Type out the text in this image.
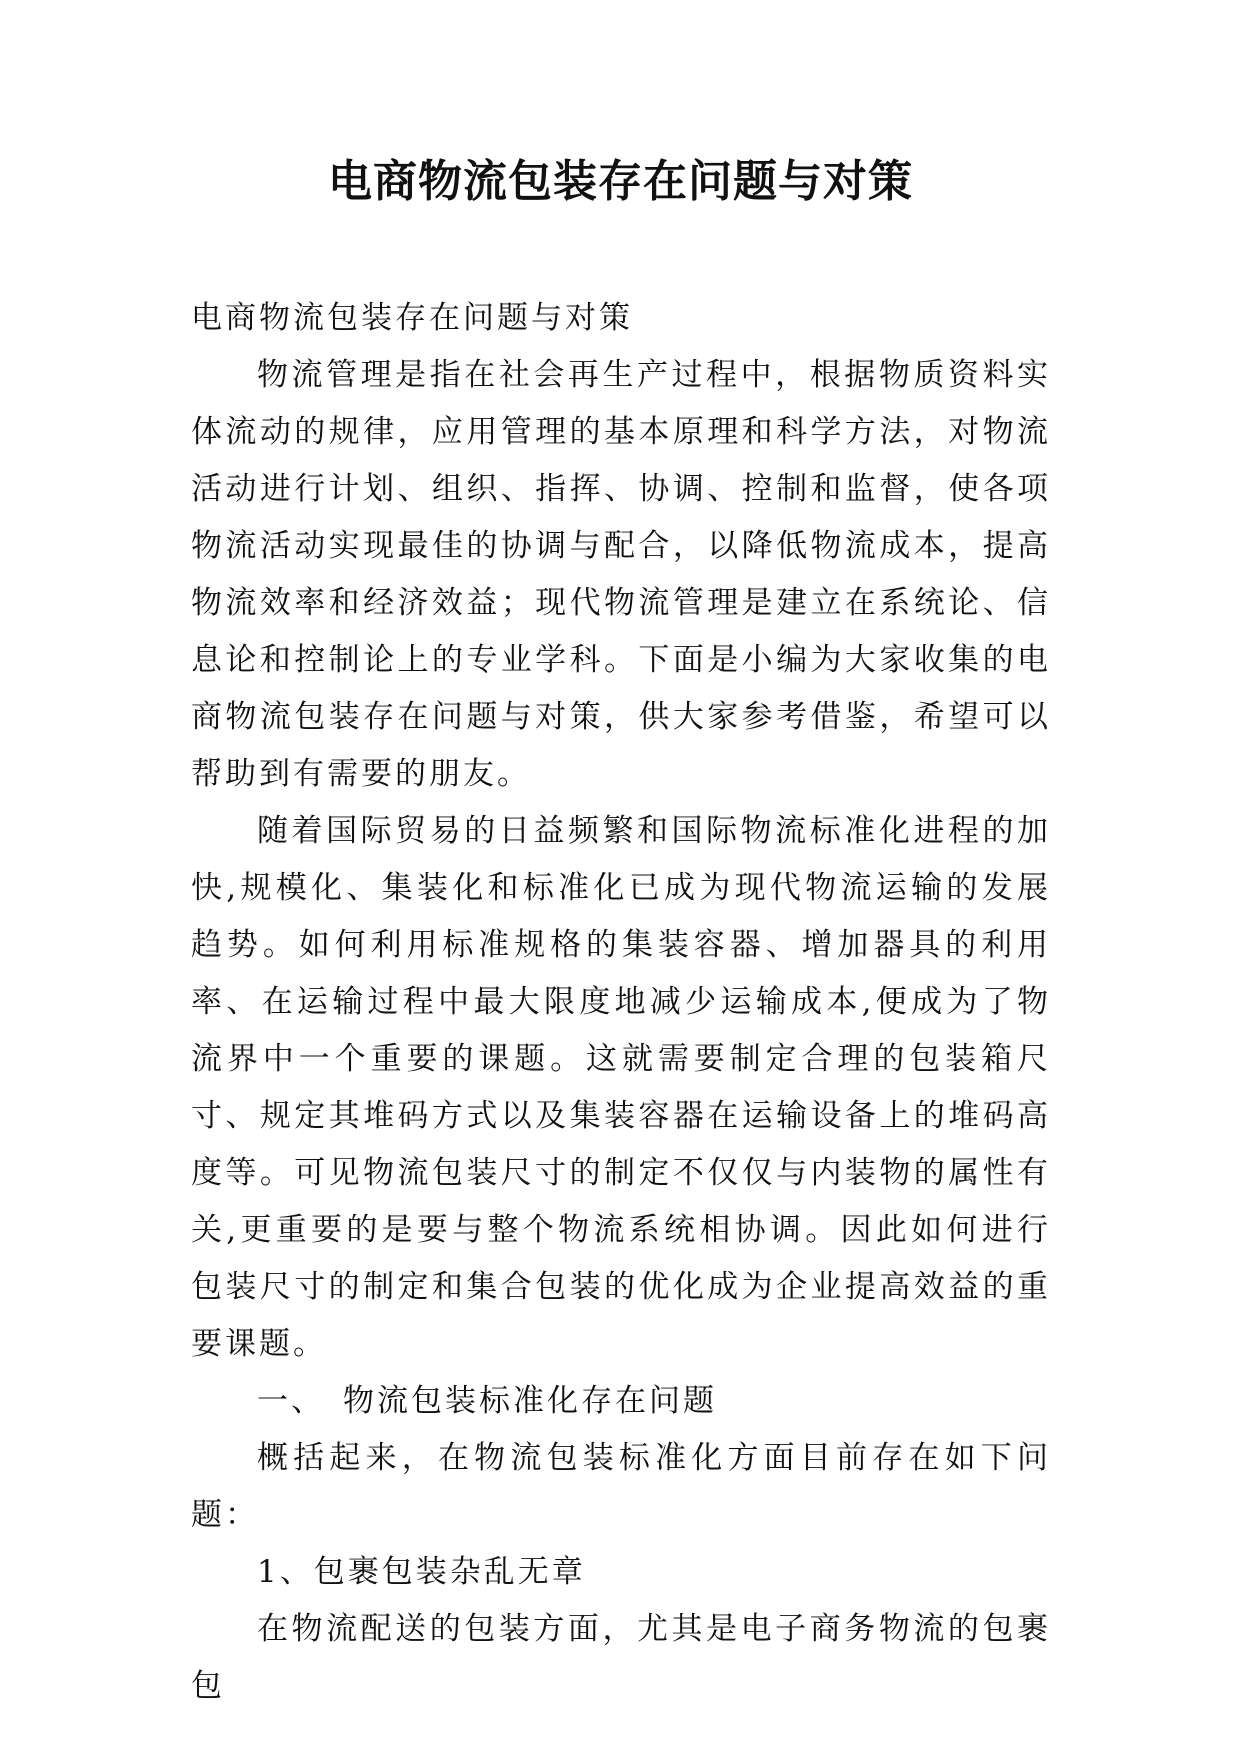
电商物流包装存在问题与对策

电商物流包装存在问题与对策

物流管理是指在社会再生产过程中，根据物质资料实体流动的规律，应用管理的基本原理和科学方法，对物流活动进行计划、组织、指挥、协调、控制和监督，使各项物流活动实现最佳的协调与配合，以降低物流成本，提高物流效率和经济效益；现代物流管理是建立在系统论、信息论和控制论上的专业学科。下面是小编为大家收集的电商物流包装存在问题与对策，供大家参考借鉴，希望可以帮助到有需要的朋友。

随着国际贸易的日益频繁和国际物流标准化进程的加快,规模化、集装化和标准化已成为现代物流运输的发展趋势。如何利用标准规格的集装容器、增加器具的利用率、在运输过程中最大限度地减少运输成本,便成为了物流界中一个重要的课题。这就需要制定合理的包装箱尺寸、规定其堆码方式以及集装容器在运输设备上的堆码高度等。可见物流包装尺寸的制定不仅仅与内装物的属性有关,更重要的是要与整个物流系统相协调。因此如何进行包装尺寸的制定和集合包装的优化成为企业提高效益的重要课题。

一、 物流包装标准化存在问题

概括起来，在物流包装标准化方面目前存在如下问题：

1、包裹包装杂乱无章

在物流配送的包装方面，尤其是电子商务物流的包裹包
